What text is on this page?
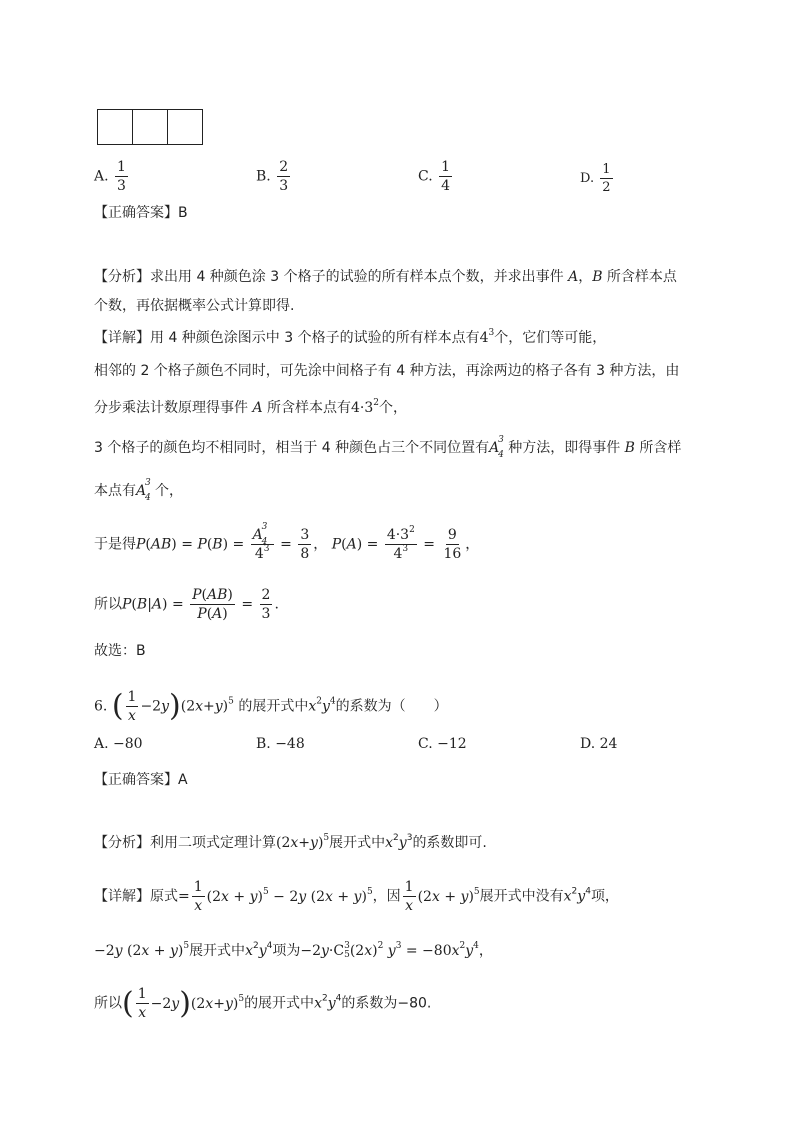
A. $\frac{1}{3}$	B. $\frac{2}{3}$	C. $\frac{1}{4}$	D. $\frac{1}{2}$
【正确答案】B
【分析】求出用 4 种颜色涂 3 个格子的试验的所有样本点个数，并求出事件 A，B 所含样本点
个数，再依据概率公式计算即得.
【详解】用 4 种颜色涂图示中 3 个格子的试验的所有样本点有$4^3$个，它们等可能，
相邻的 2 个格子颜色不同时，可先涂中间格子有 4 种方法，再涂两边的格子各有 3 种方法，由
分步乘法计数原理得事件 A 所含样本点有$4\cdot 3^2$个，
3 个格子的颜色均不相同时，相当于 4 种颜色占三个不同位置有A
3
4 种方法，即得事件 B 所含样
本点有A
3
4 个，
于是得P(AB) = P(B) = A
3
4

$4^3 = \frac{3}{8}$ ， $P(A) = \frac{4\cdot 3^2}{4^3} = \frac{9}{16}$ ，
所以$P(B|A) = \frac{P(AB)}{P(A)} = \frac{2}{3}$ .
故选：B
6. ( $\frac{1}{x} -2y)(2x+y)^5$ 的展开式中$x^2y^4$的系数为（　　）
A. −80	B. −48	C. −12	D. 24
【正确答案】A
【分析】利用二项式定理计算$(2x+y)^5$展开式中$x^2y^3$的系数即可.
【详解】原式= $\frac{1}{x} (2x + y)^5 - 2y$ $(2x + y)^5$，因 $\frac{1}{x} (2x + y)^5$展开式中没有$x^2y^4$项，
−2y $(2x + y)^5$展开式中$x^2y^4$项为−2y·C 3
5 $(2x)^2$ $y^3 = -80x^2y^4$，
所以( $\frac{1}{x} -2y)(2x+y)^5$的展开式中$x^2y^4$的系数为−80.
